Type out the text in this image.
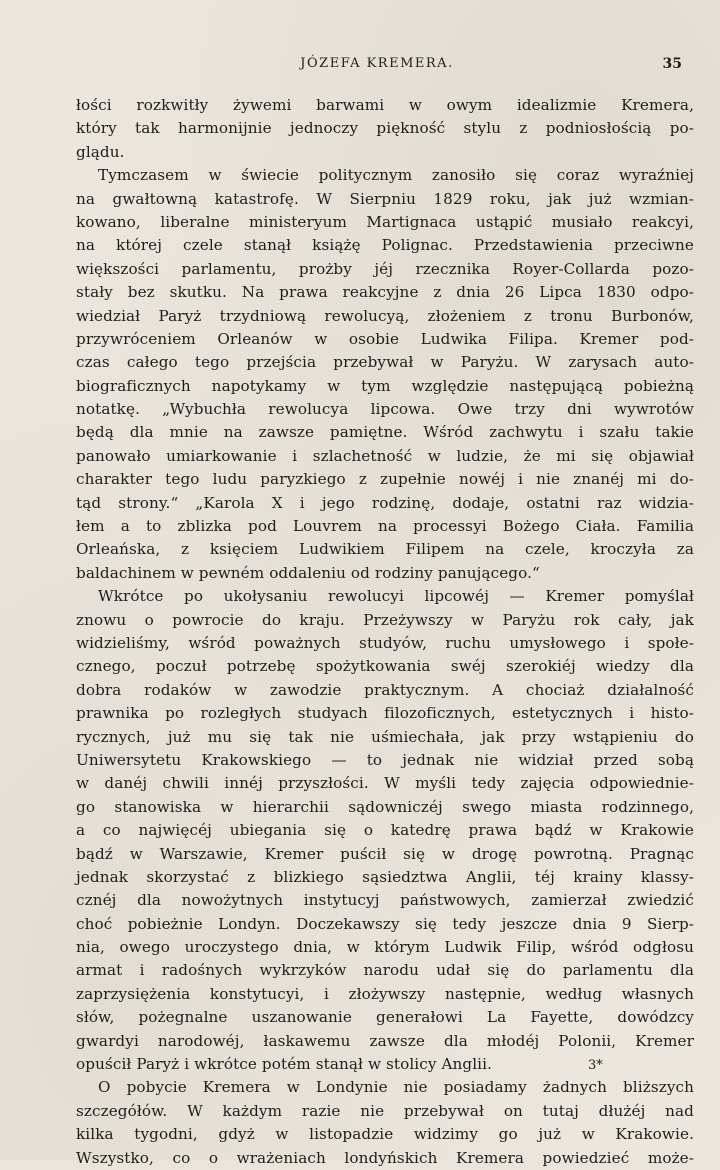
JÓZEFA KREMERA.	35
łości rozkwitły żywemi barwami w owym idealizmie Kremera,
który tak harmonijnie jednoczy piękność stylu z podniosłością po-
glądu.
Tymczasem w świecie politycznym zanosiło się coraz wyraźniej
na gwałtowną katastrofę. W Sierpniu 1829 roku, jak już wzmian-
kowano, liberalne ministeryum Martignaca ustąpić musiało reakcyi,
na której czele stanął książę Polignac. Przedstawienia przeciwne
większości parlamentu, prożby jéj rzecznika Royer-Collarda pozo-
stały bez skutku. Na prawa reakcyjne z dnia 26 Lipca 1830 odpo-
wiedział Paryż trzydniową rewolucyą, złożeniem z tronu Burbonów,
przywróceniem Orleanów w osobie Ludwika Filipa. Kremer pod-
czas całego tego przejścia przebywał w Paryżu. W zarysach auto-
biograficznych napotykamy w tym względzie następującą pobieżną
notatkę. „Wybuchła rewolucya lipcowa. Owe trzy dni wywrotów
będą dla mnie na zawsze pamiętne. Wśród zachwytu i szału takie
panowało umiarkowanie i szlachetność w ludzie, że mi się objawiał
charakter tego ludu paryzkiego z zupełnie nowéj i nie znanéj mi do-
tąd strony.“ „Karola X i jego rodzinę, dodaje, ostatni raz widzia-
łem a to zblizka pod Louvrem na processyi Bożego Ciała. Familia
Orleańska, z księciem Ludwikiem Filipem na czele, kroczyła za
baldachinem w pewném oddaleniu od rodziny panującego.“
Wkrótce po ukołysaniu rewolucyi lipcowéj — Kremer pomyślał
znowu o powrocie do kraju. Przeżywszy w Paryżu rok cały, jak
widzieliśmy, wśród poważnych studyów, ruchu umysłowego i społe-
cznego, poczuł potrzebę spożytkowania swéj szerokiéj wiedzy dla
dobra rodaków w zawodzie praktycznym. A chociaż działalność
prawnika po rozległych studyach filozoficznych, estetycznych i histo-
rycznych, już mu się tak nie uśmiechała, jak przy wstąpieniu do
Uniwersytetu Krakowskiego — to jednak nie widział przed sobą
w danéj chwili innéj przyszłości. W myśli tedy zajęcia odpowiednie-
go stanowiska w hierarchii sądowniczéj swego miasta rodzinnego,
a co najwięcéj ubiegania się o katedrę prawa bądź w Krakowie
bądź w Warszawie, Kremer puścił się w drogę powrotną. Pragnąc
jednak skorzystać z blizkiego sąsiedztwa Anglii, téj krainy klassy-
cznéj dla nowożytnych instytucyj państwowych, zamierzał zwiedzić
choć pobieżnie Londyn. Doczekawszy się tedy jeszcze dnia 9 Sierp-
nia, owego uroczystego dnia, w którym Ludwik Filip, wśród odgłosu
armat i radośnych wykrzyków narodu udał się do parlamentu dla
zaprzysiężenia konstytucyi, i złożywszy następnie, według własnych
słów, pożegnalne uszanowanie generałowi La Fayette, dowódzcy
gwardyi narodowéj, łaskawemu zawsze dla młodéj Polonii, Kremer
opuścił Paryż i wkrótce potém stanął w stolicy Anglii.
O pobycie Kremera w Londynie nie posiadamy żadnych bliższych
szczegółów. W każdym razie nie przebywał on tutaj dłużéj nad
kilka tygodni, gdyż w listopadzie widzimy go już w Krakowie.
Wszystko, co o wrażeniach londyńskich Kremera powiedzieć może-
3*
